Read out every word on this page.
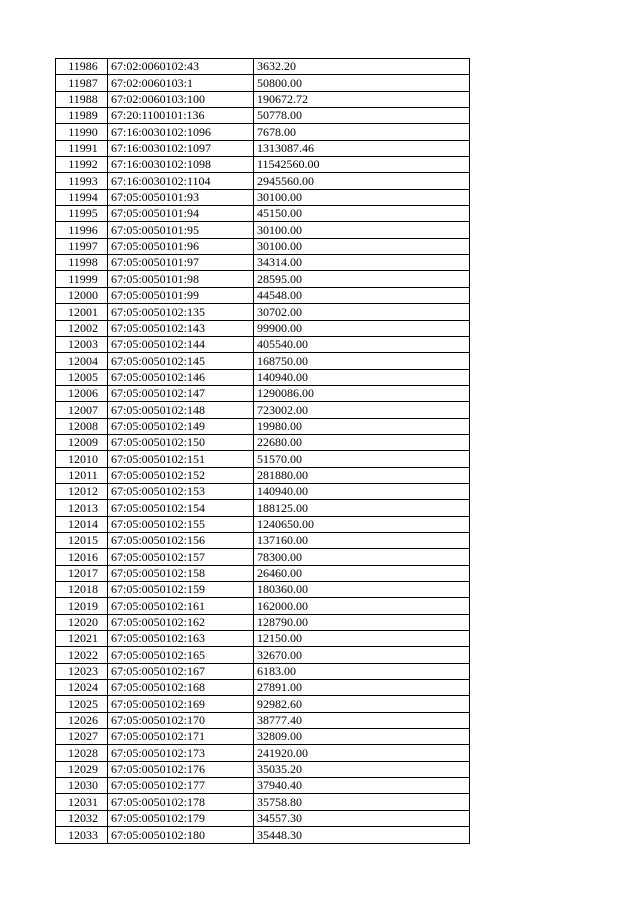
11986	67:02:0060102:43	3632.20
11987	67:02:0060103:1	50800.00
11988	67:02:0060103:100	190672.72
11989	67:20:1100101:136	50778.00
11990	67:16:0030102:1096	7678.00
11991	67:16:0030102:1097	1313087.46
11992	67:16:0030102:1098	11542560.00
11993	67:16:0030102:1104	2945560.00
11994	67:05:0050101:93	30100.00
11995	67:05:0050101:94	45150.00
11996	67:05:0050101:95	30100.00
11997	67:05:0050101:96	30100.00
11998	67:05:0050101:97	34314.00
11999	67:05:0050101:98	28595.00
12000	67:05:0050101:99	44548.00
12001	67:05:0050102:135	30702.00
12002	67:05:0050102:143	99900.00
12003	67:05:0050102:144	405540.00
12004	67:05:0050102:145	168750.00
12005	67:05:0050102:146	140940.00
12006	67:05:0050102:147	1290086.00
12007	67:05:0050102:148	723002.00
12008	67:05:0050102:149	19980.00
12009	67:05:0050102:150	22680.00
12010	67:05:0050102:151	51570.00
12011	67:05:0050102:152	281880.00
12012	67:05:0050102:153	140940.00
12013	67:05:0050102:154	188125.00
12014	67:05:0050102:155	1240650.00
12015	67:05:0050102:156	137160.00
12016	67:05:0050102:157	78300.00
12017	67:05:0050102:158	26460.00
12018	67:05:0050102:159	180360.00
12019	67:05:0050102:161	162000.00
12020	67:05:0050102:162	128790.00
12021	67:05:0050102:163	12150.00
12022	67:05:0050102:165	32670.00
12023	67:05:0050102:167	6183.00
12024	67:05:0050102:168	27891.00
12025	67:05:0050102:169	92982.60
12026	67:05:0050102:170	38777.40
12027	67:05:0050102:171	32809.00
12028	67:05:0050102:173	241920.00
12029	67:05:0050102:176	35035.20
12030	67:05:0050102:177	37940.40
12031	67:05:0050102:178	35758.80
12032	67:05:0050102:179	34557.30
12033	67:05:0050102:180	35448.30
